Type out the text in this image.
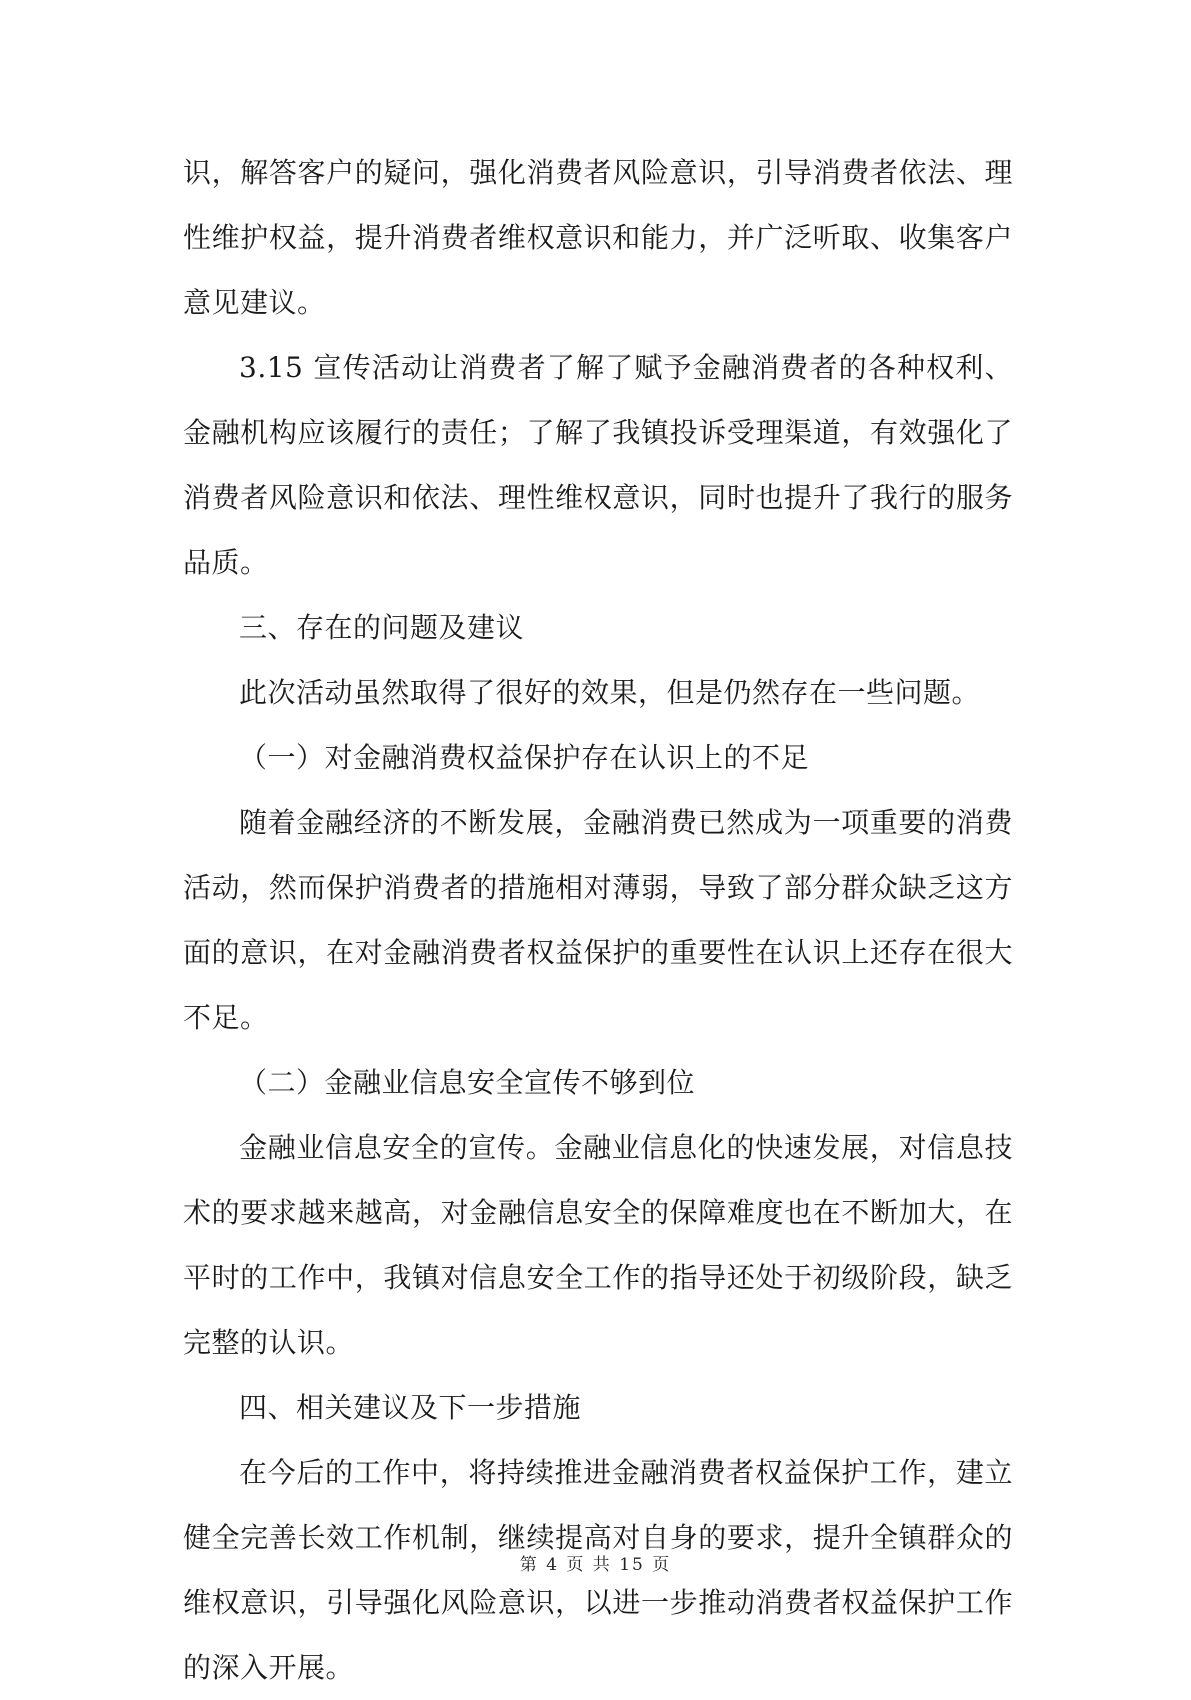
识，解答客户的疑问，强化消费者风险意识，引导消费者依法、理性维护权益，提升消费者维权意识和能力，并广泛听取、收集客户意见建议。

3.15 宣传活动让消费者了解了赋予金融消费者的各种权利、金融机构应该履行的责任；了解了我镇投诉受理渠道，有效强化了消费者风险意识和依法、理性维权意识，同时也提升了我行的服务品质。

三、存在的问题及建议

此次活动虽然取得了很好的效果，但是仍然存在一些问题。

（一）对金融消费权益保护存在认识上的不足

随着金融经济的不断发展，金融消费已然成为一项重要的消费活动，然而保护消费者的措施相对薄弱，导致了部分群众缺乏这方面的意识，在对金融消费者权益保护的重要性在认识上还存在很大不足。

（二）金融业信息安全宣传不够到位

金融业信息安全的宣传。金融业信息化的快速发展，对信息技术的要求越来越高，对金融信息安全的保障难度也在不断加大，在平时的工作中，我镇对信息安全工作的指导还处于初级阶段，缺乏完整的认识。

四、相关建议及下一步措施

在今后的工作中，将持续推进金融消费者权益保护工作，建立健全完善长效工作机制，继续提高对自身的要求，提升全镇群众的维权意识，引导强化风险意识，以进一步推动消费者权益保护工作的深入开展。

第 4 页 共 15 页
